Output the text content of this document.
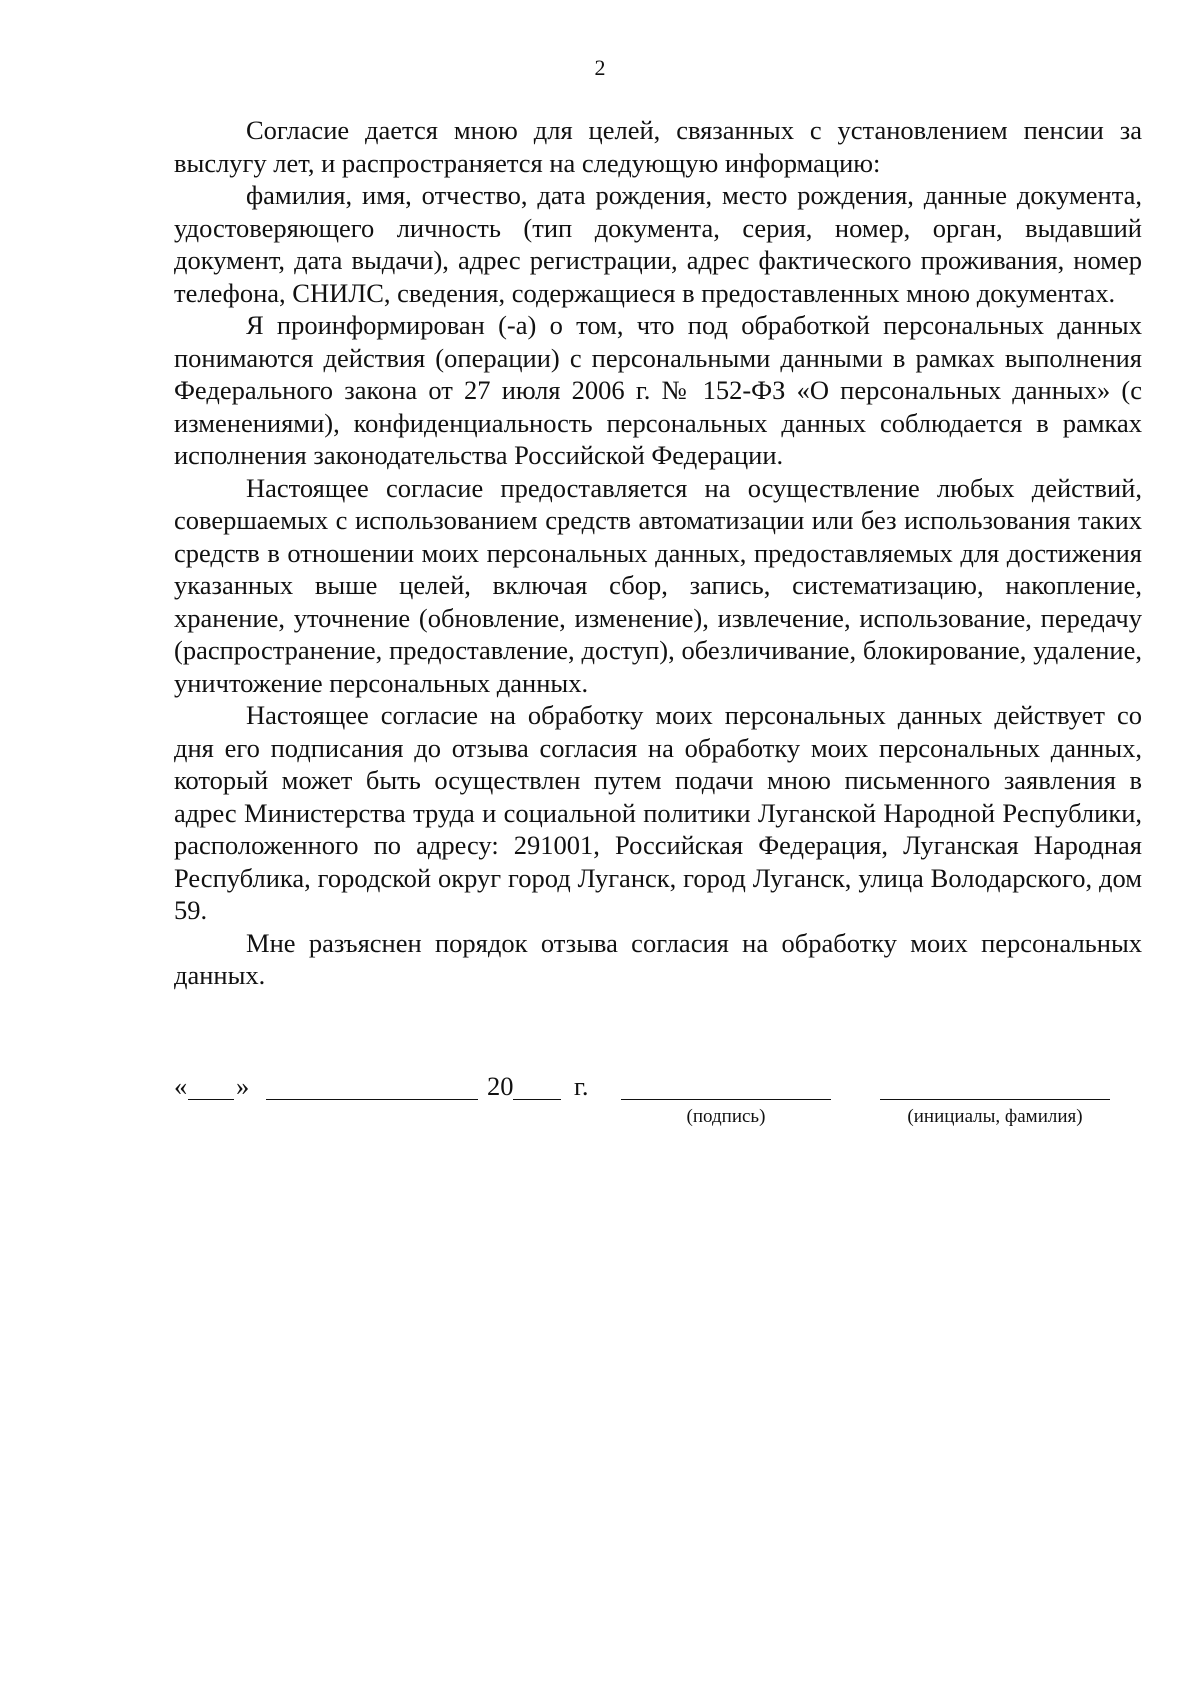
2

Согласие дается мною для целей, связанных с установлением пенсии за выслугу лет, и распространяется на следующую информацию:

фамилия, имя, отчество, дата рождения, место рождения, данные документа, удостоверяющего личность (тип документа, серия, номер, орган, выдавший документ, дата выдачи), адрес регистрации, адрес фактического проживания, номер телефона, СНИЛС, сведения, содержащиеся в предоставленных мною документах.

Я проинформирован (-а) о том, что под обработкой персональных данных понимаются действия (операции) с персональными данными в рамках выполнения Федерального закона от 27 июля 2006 г. № 152-ФЗ «О персональных данных» (с изменениями), конфиденциальность персональных данных соблюдается в рамках исполнения законодательства Российской Федерации.

Настоящее согласие предоставляется на осуществление любых действий, совершаемых с использованием средств автоматизации или без использования таких средств в отношении моих персональных данных, предоставляемых для достижения указанных выше целей, включая сбор, запись, систематизацию, накопление, хранение, уточнение (обновление, изменение), извлечение, использование, передачу (распространение, предоставление, доступ), обезличивание, блокирование, удаление, уничтожение персональных данных.

Настоящее согласие на обработку моих персональных данных действует со дня его подписания до отзыва согласия на обработку моих персональных данных, который может быть осуществлен путем подачи мною письменного заявления в адрес Министерства труда и социальной политики Луганской Народной Республики, расположенного по адресу: 291001, Российская Федерация, Луганская Народная Республика, городской округ город Луганск, город Луганск, улица Володарского, дом 59.

Мне разъяснен порядок отзыва согласия на обработку моих персональных данных.

« »	20 г.
(подпись)	(инициалы, фамилия)
